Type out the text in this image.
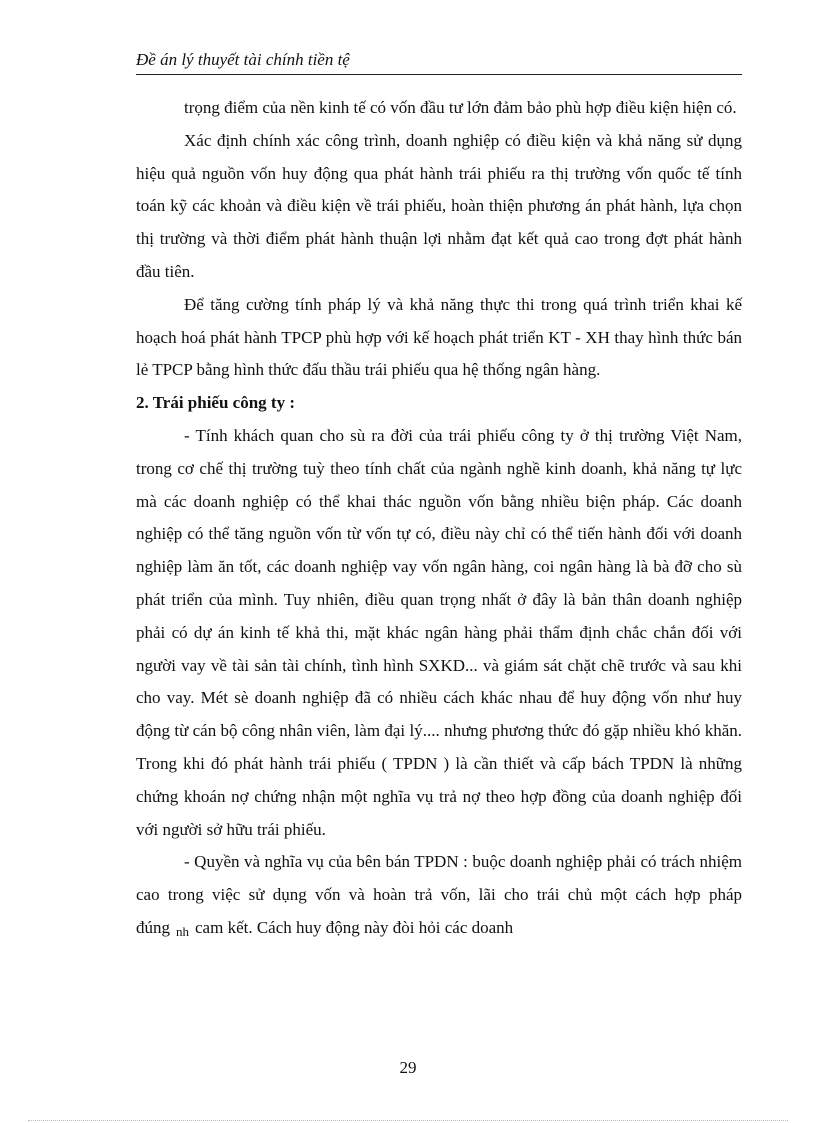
Đề án lý thuyết tài chính tiền tệ

trọng điểm của nền kinh tế có vốn đầu tư lớn đảm bảo phù hợp điều kiện hiện có.

Xác định chính xác công trình, doanh nghiệp có điều kiện và khả năng sử dụng hiệu quả nguồn vốn huy động qua phát hành trái phiếu ra thị trường vốn quốc tế tính toán kỹ các khoản và điều kiện về trái phiếu, hoàn thiện phương án phát hành, lựa chọn thị trường và thời điểm phát hành thuận lợi nhằm đạt kết quả cao trong đợt phát hành đầu tiên.

Để tăng cường tính pháp lý và khả năng thực thi trong quá trình triển khai kế hoạch hoá phát hành TPCP phù hợp với kế hoạch phát triển KT - XH thay hình thức bán lẻ TPCP bằng hình thức đấu thầu trái phiếu qua hệ thống ngân hàng.

2. Trái phiếu công ty :

- Tính khách quan cho sù ra đời của trái phiếu công ty ở thị trường Việt Nam, trong cơ chế thị trường tuỳ theo tính chất của ngành nghề kinh doanh, khả năng tự lực mà các doanh nghiệp có thể khai thác nguồn vốn bằng nhiều biện pháp. Các doanh nghiệp có thể tăng nguồn vốn từ vốn tự có, điều này chỉ có thể tiến hành đối với doanh nghiệp làm ăn tốt, các doanh nghiệp vay vốn ngân hàng, coi ngân hàng là bà đỡ cho sù phát triển của mình. Tuy nhiên, điều quan trọng nhất ở đây là bản thân doanh nghiệp phải có dự án kinh tế khả thi, mặt khác ngân hàng phải thẩm định chắc chắn đối với người vay về tài sản tài chính, tình hình SXKD... và giám sát chặt chẽ trước và sau khi cho vay. Mét sè doanh nghiệp đã có nhiều cách khác nhau để huy động vốn như huy động từ cán bộ công nhân viên, làm đại lý.... nhưng phương thức đó gặp nhiều khó khăn. Trong khi đó phát hành trái phiếu ( TPDN ) là cần thiết và cấp bách TPDN là những chứng khoán nợ chứng nhận một nghĩa vụ trả nợ theo hợp đồng của doanh nghiệp đối với người sở hữu trái phiếu.

- Quyền và nghĩa vụ của bên bán TPDN : buộc doanh nghiệp phải có trách nhiệm cao trong việc sử dụng vốn và hoàn trả vốn, lãi cho trái chủ một cách hợp pháp đúng nh cam kết. Cách huy động này đòi hỏi các doanh

29
